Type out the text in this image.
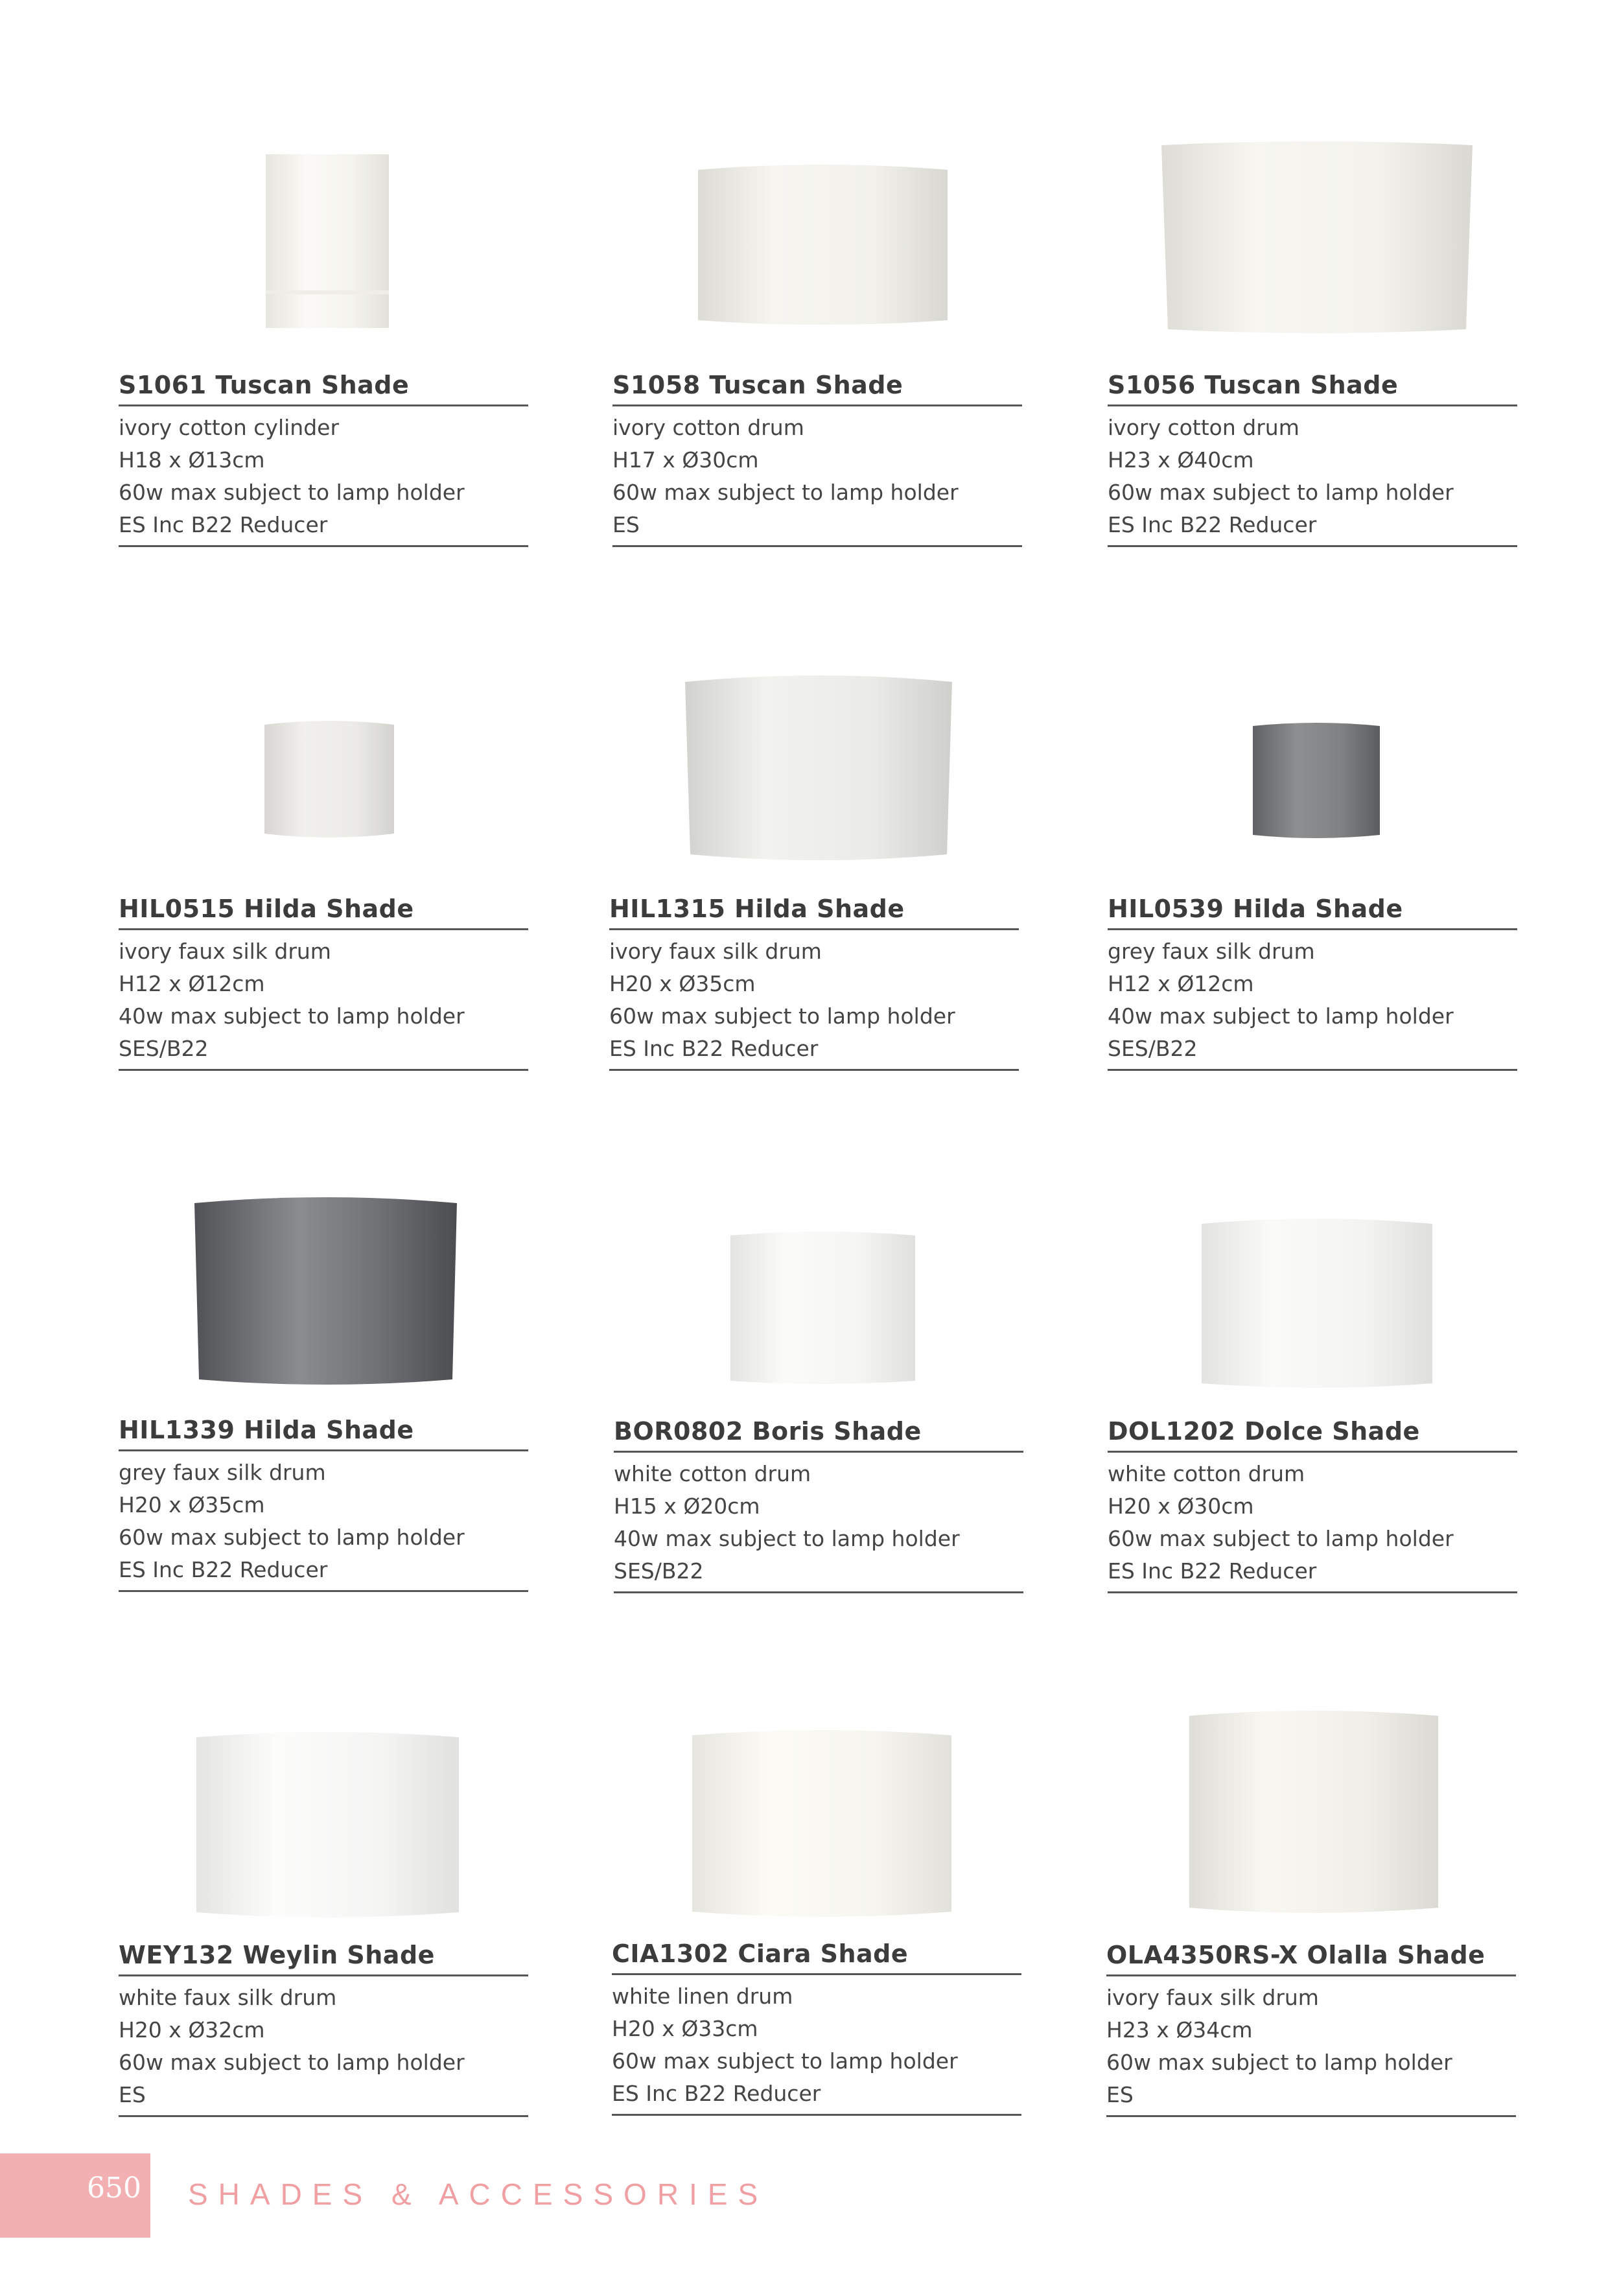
S1061 Tuscan Shade
ivory cotton cylinder
H18 x Ø13cm
60w max subject to lamp holder
ES Inc B22 Reducer
S1058 Tuscan Shade
ivory cotton drum
H17 x Ø30cm
60w max subject to lamp holder
ES
S1056 Tuscan Shade
ivory cotton drum
H23 x Ø40cm
60w max subject to lamp holder
ES Inc B22 Reducer
HIL0515 Hilda Shade
ivory faux silk drum
H12 x Ø12cm
40w max subject to lamp holder
SES/B22
HIL1315 Hilda Shade
ivory faux silk drum
H20 x Ø35cm
60w max subject to lamp holder
ES Inc B22 Reducer
HIL0539 Hilda Shade
grey faux silk drum
H12 x Ø12cm
40w max subject to lamp holder
SES/B22
HIL1339 Hilda Shade
grey faux silk drum
H20 x Ø35cm
60w max subject to lamp holder
ES Inc B22 Reducer
BOR0802 Boris Shade
white cotton drum
H15 x Ø20cm
40w max subject to lamp holder
SES/B22
DOL1202 Dolce Shade
white cotton drum
H20 x Ø30cm
60w max subject to lamp holder
ES Inc B22 Reducer
WEY132 Weylin Shade
white faux silk drum
H20 x Ø32cm
60w max subject to lamp holder
ES
CIA1302 Ciara Shade
white linen drum
H20 x Ø33cm
60w max subject to lamp holder
ES Inc B22 Reducer
OLA4350RS-X Olalla Shade
ivory faux silk drum
H23 x Ø34cm
60w max subject to lamp holder
ES
650 SHADES & ACCESSORIES
